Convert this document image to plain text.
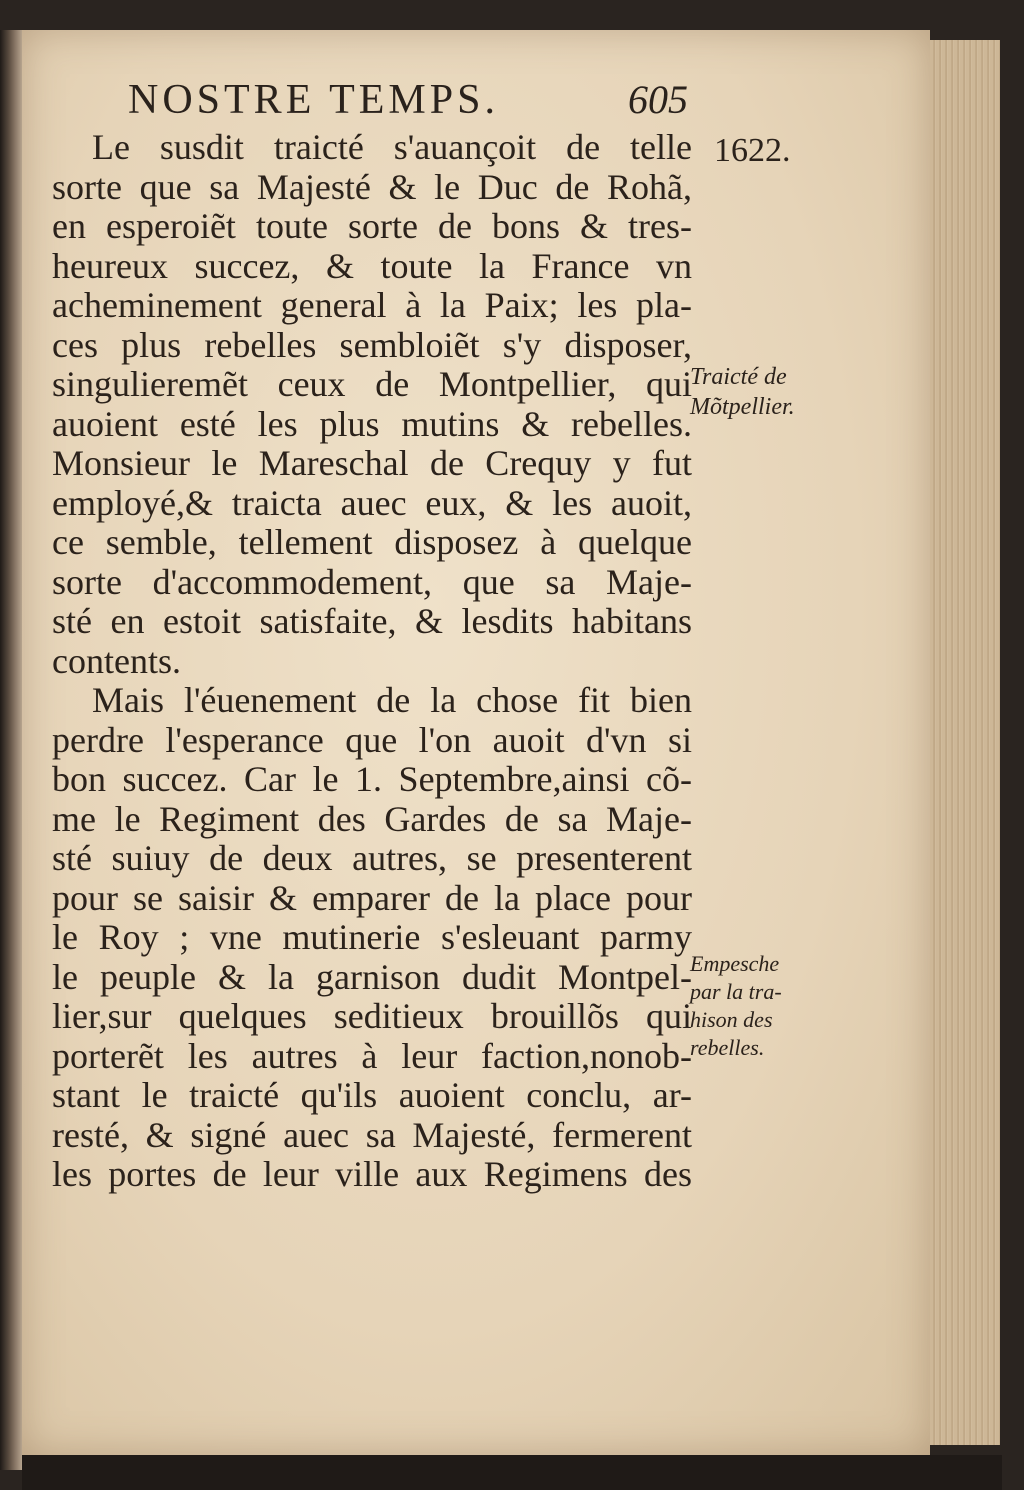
NOSTRE TEMPS.	605
1622.
Traicté de
Mõtpellier.
Empesche
par la tra-
hison des
rebelles.
Le susdit traicté s'auançoit de telle
sorte que sa Majesté & le Duc de Rohã,
en esperoiẽt toute sorte de bons & tres-
heureux succez, & toute la France vn
acheminement general à la Paix; les pla-
ces plus rebelles sembloiẽt s'y disposer,
singulieremẽt ceux de Montpellier, qui
auoient esté les plus mutins & rebelles.
Monsieur le Mareschal de Crequy y fut
employé,& traicta auec eux, & les auoit,
ce semble, tellement disposez à quelque
sorte d'accommodement, que sa Maje-
sté en estoit satisfaite, & lesdits habitans
contents.
Mais l'éuenement de la chose fit bien
perdre l'esperance que l'on auoit d'vn si
bon succez. Car le 1. Septembre,ainsi cõ-
me le Regiment des Gardes de sa Maje-
sté suiuy de deux autres, se presenterent
pour se saisir & emparer de la place pour
le Roy ; vne mutinerie s'esleuant parmy
le peuple & la garnison dudit Montpel-
lier,sur quelques seditieux brouillõs qui
porterẽt les autres à leur faction,nonob-
stant le traicté qu'ils auoient conclu, ar-
resté, & signé auec sa Majesté, fermerent
les portes de leur ville aux Regimens des
